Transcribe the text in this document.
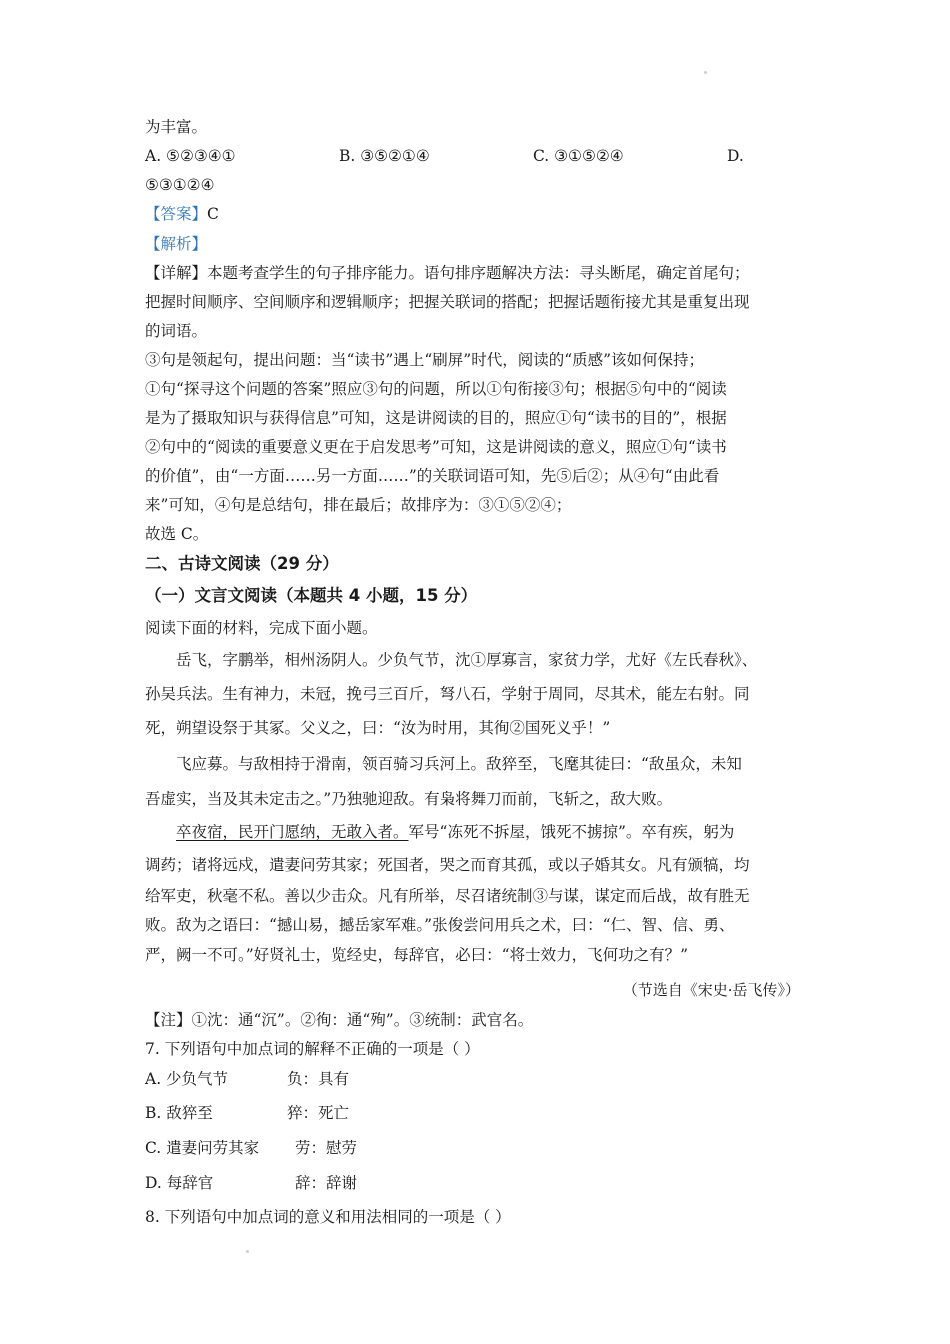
为丰富。
A. ⑤②③④①	B. ③⑤②①④	C. ③①⑤②④	D.
⑤③①②④
【答案】C
【解析】
【详解】本题考查学生的句子排序能力。语句排序题解决方法：寻头断尾，确定首尾句；
把握时间顺序、空间顺序和逻辑顺序；把握关联词的搭配；把握话题衔接尤其是重复出现
的词语。
③句是领起句，提出问题：当“读书”遇上“刷屏”时代，阅读的“质感”该如何保持；
①句“探寻这个问题的答案”照应③句的问题，所以①句衔接③句；根据⑤句中的“阅读
是为了摄取知识与获得信息”可知，这是讲阅读的目的，照应①句“读书的目的”，根据
②句中的“阅读的重要意义更在于启发思考”可知，这是讲阅读的意义，照应①句“读书
的价值”，由“一方面……另一方面……”的关联词语可知，先⑤后②；从④句“由此看
来”可知，④句是总结句，排在最后；故排序为：③①⑤②④；
故选 C。
二、古诗文阅读（29 分）
（一）文言文阅读（本题共 4 小题，15 分）
阅读下面的材料，完成下面小题。
岳飞，字鹏举，相州汤阴人。少负气节，沈①厚寡言，家贫力学，尤好《左氏春秋》、
孙吴兵法。生有神力，未冠，挽弓三百斤，弩八石，学射于周同，尽其术，能左右射。同
死，朔望设祭于其冢。父义之，曰：“汝为时用，其徇②国死义乎！”
飞应募。与敌相持于滑南，领百骑习兵河上。敌猝至，飞麾其徒曰：“敌虽众，未知
吾虚实，当及其未定击之。”乃独驰迎敌。有枭将舞刀而前，飞斩之，敌大败。
卒夜宿，民开门愿纳，无敢入者。军号“冻死不拆屋，饿死不掳掠”。卒有疾，躬为
调药；诸将远戍，遣妻问劳其家；死国者，哭之而育其孤，或以子婚其女。凡有颁犒，均
给军吏，秋毫不私。善以少击众。凡有所举，尽召诸统制③与谋，谋定而后战，故有胜无
败。敌为之语曰：“撼山易，撼岳家军难。”张俊尝问用兵之术，曰：“仁、智、信、勇、
严，阙一不可。”好贤礼士，览经史，每辞官，必曰：“将士效力，飞何功之有？”
（节选自《宋史·岳飞传》）
【注】①沈：通“沉”。②徇：通“殉”。③统制：武官名。
7. 下列语句中加点词的解释不正确的一项是（ ）
A. 少负气节	负：具有
B. 敌猝至	猝：死亡
C. 遣妻问劳其家 劳：慰劳
D. 每辞官	辞：辞谢
8. 下列语句中加点词的意义和用法相同的一项是（ ）
